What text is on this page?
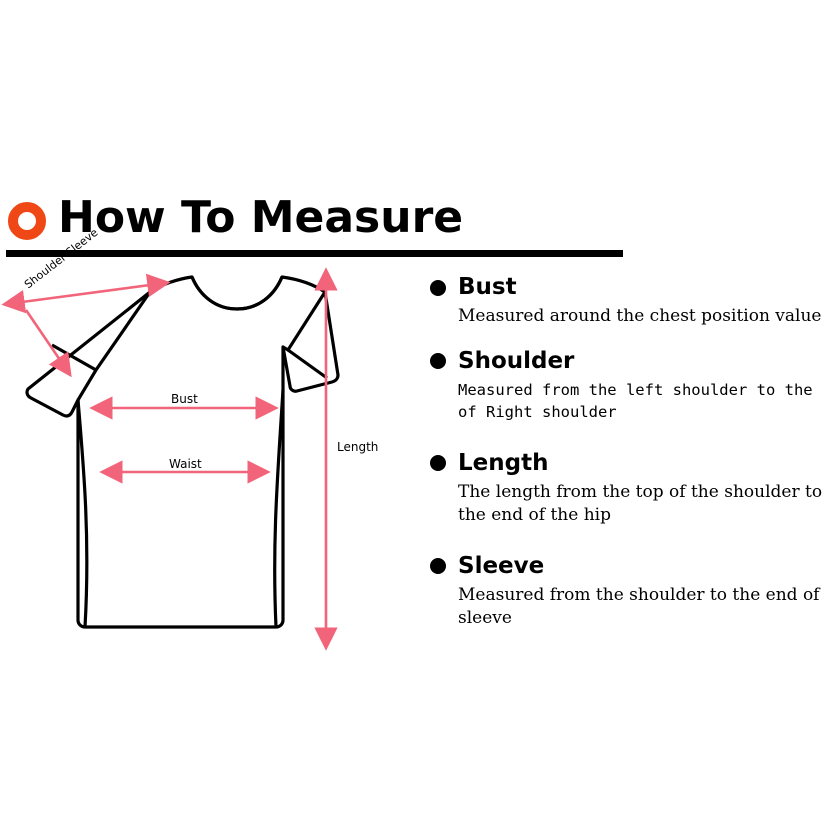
How To Measure
Bust
Waist
Length
Shoulder Sleeve	Bust
Measured around the chest position value
Shoulder
Measured from the left shoulder to the of Right shoulder
Length
The length from the top of the shoulder to the end of the hip
Sleeve
Measured from the shoulder to the end of sleeve
